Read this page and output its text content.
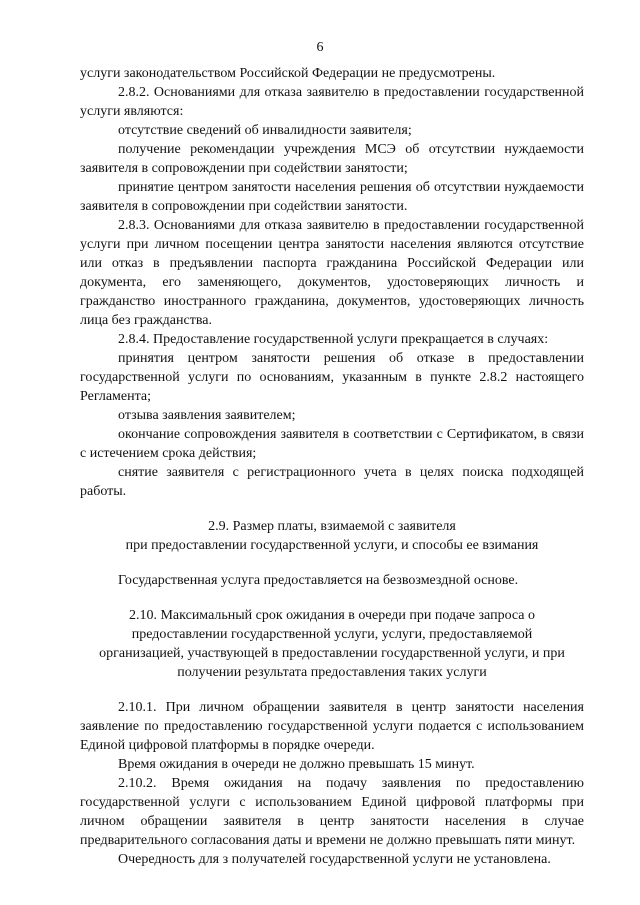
6

услуги законодательством Российской Федерации не предусмотрены.

2.8.2. Основаниями для отказа заявителю в предоставлении государственной услуги являются:

отсутствие сведений об инвалидности заявителя;

получение рекомендации учреждения МСЭ об отсутствии нуждаемости заявителя в сопровождении при содействии занятости;

принятие центром занятости населения решения об отсутствии нуждаемости заявителя в сопровождении при содействии занятости.

2.8.3. Основаниями для отказа заявителю в предоставлении государственной услуги при личном посещении центра занятости населения являются отсутствие или отказ в предъявлении паспорта гражданина Российской Федерации или документа, его заменяющего, документов, удостоверяющих личность и гражданство иностранного гражданина, документов, удостоверяющих личность лица без гражданства.

2.8.4. Предоставление государственной услуги прекращается в случаях:

принятия центром занятости решения об отказе в предоставлении государственной услуги по основаниям, указанным в пункте 2.8.2 настоящего Регламента;

отзыва заявления заявителем;

окончание сопровождения заявителя в соответствии с Сертификатом, в связи с истечением срока действия;

снятие заявителя с регистрационного учета в целях поиска подходящей работы.

2.9. Размер платы, взимаемой с заявителя

при предоставлении государственной услуги, и способы ее взимания

Государственная услуга предоставляется на безвозмездной основе.

2.10. Максимальный срок ожидания в очереди при подаче запроса о

предоставлении государственной услуги, услуги, предоставляемой

организацией, участвующей в предоставлении государственной услуги, и при

получении результата предоставления таких услуги

2.10.1. При личном обращении заявителя в центр занятости населения заявление по предоставлению государственной услуги подается с использованием Единой цифровой платформы в порядке очереди.

Время ожидания в очереди не должно превышать 15 минут.

2.10.2. Время ожидания на подачу заявления по предоставлению государственной услуги с использованием Единой цифровой платформы при личном обращении заявителя в центр занятости населения в случае предварительного согласования даты и времени не должно превышать пяти минут.

Очередность для з получателей государственной услуги не установлена.
